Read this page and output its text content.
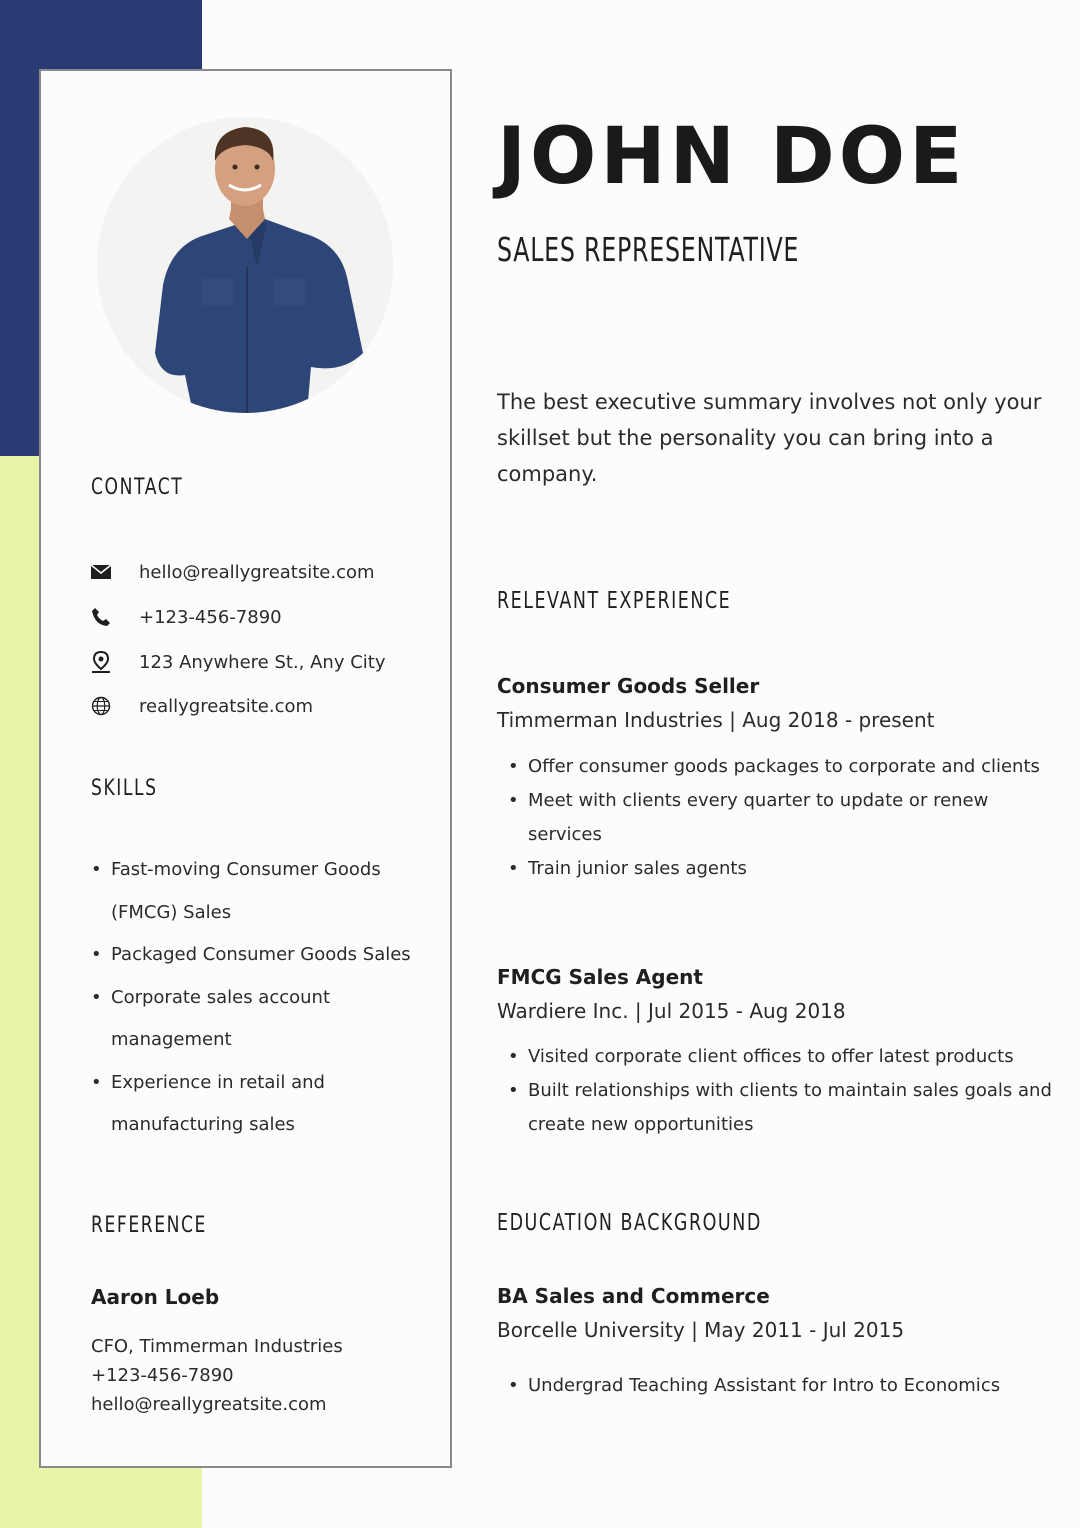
CONTACT
hello@reallygreatsite.com
+123-456-7890
123 Anywhere St., Any City
reallygreatsite.com
SKILLS
• Fast-moving Consumer Goods (FMCG) Sales
• Packaged Consumer Goods Sales
• Corporate sales account management
• Experience in retail and manufacturing sales
REFERENCE
Aaron Loeb
CFO, Timmerman Industries
+123-456-7890
hello@reallygreatsite.com
JOHN DOE
SALES REPRESENTATIVE

The best executive summary involves not only your skillset but the personality you can bring into a company.

RELEVANT EXPERIENCE
Consumer Goods Seller
Timmerman Industries | Aug 2018 - present
• Offer consumer goods packages to corporate and clients
• Meet with clients every quarter to update or renew services
• Train junior sales agents
FMCG Sales Agent
Wardiere Inc. | Jul 2015 - Aug 2018
• Visited corporate client offices to offer latest products
• Built relationships with clients to maintain sales goals and create new opportunities
EDUCATION BACKGROUND
BA Sales and Commerce
Borcelle University | May 2011 - Jul 2015
• Undergrad Teaching Assistant for Intro to Economics
